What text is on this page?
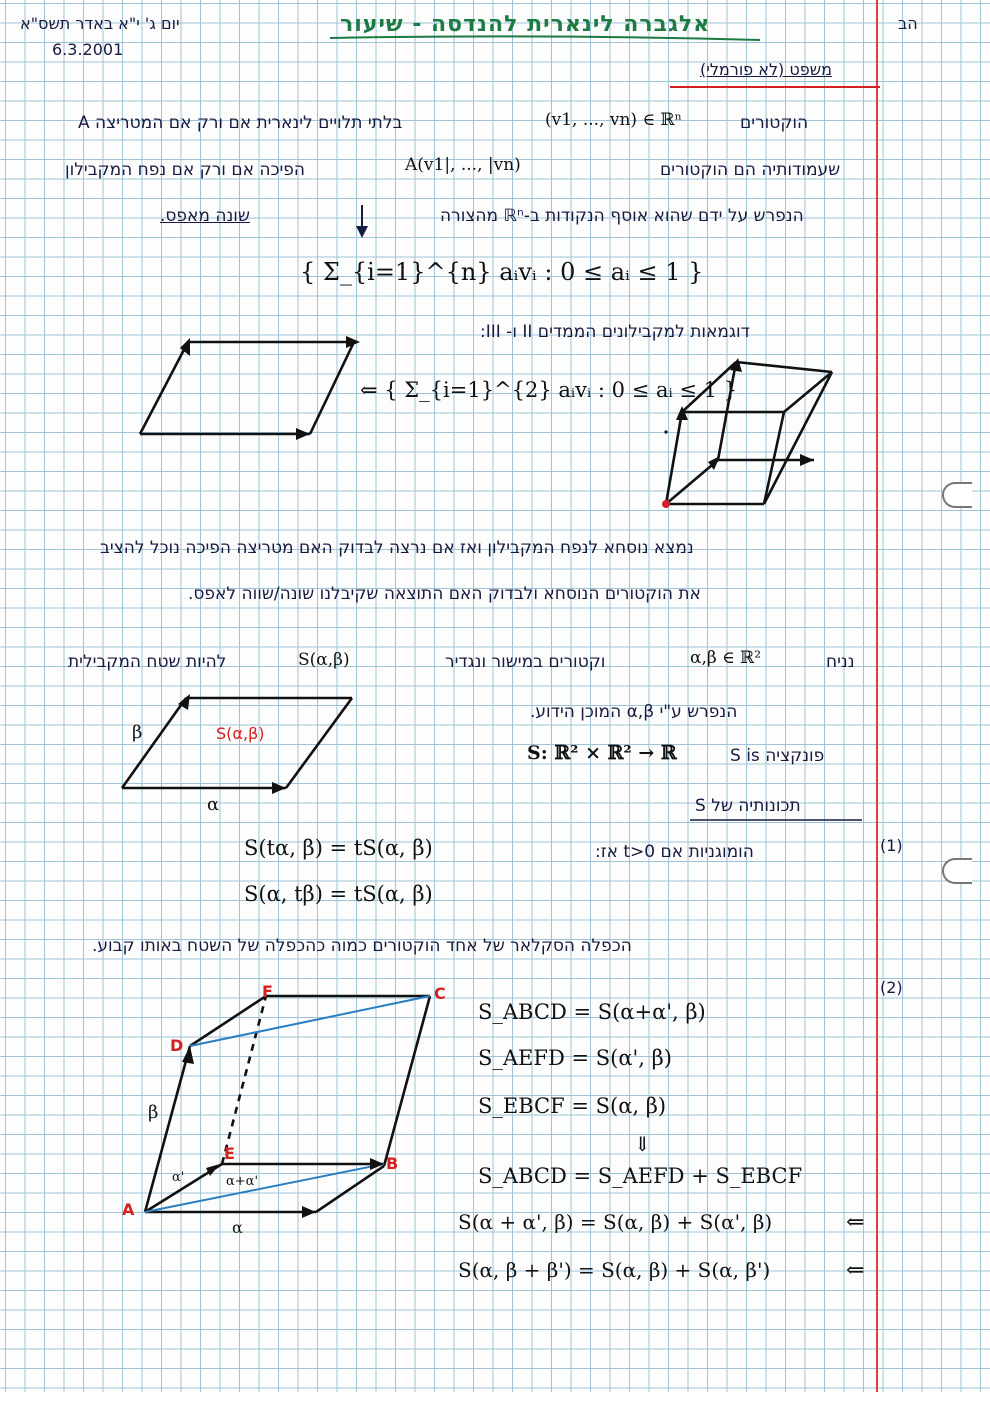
אלגברה לינארית להנדסה - שיעור
יום ג' י"א באדר תשס"א
6.3.2001
הב
משפט (לא פורמלי)
הוקטורים
(v1, ..., vn) ∈ ℝⁿ
בלתי תלויים לינארית אם ורק אם המטריצה A
שעמודותיה הם הוקטורים
A(v1|, ..., |vn)
הפיכה אם ורק אם נפח המקבילון
הנפרש על ידם שהוא אוסף הנקודות ב-ℝⁿ מהצורה
שונה מאפס.
{ Σ_{i=1}^{n} aᵢvᵢ : 0 ≤ aᵢ ≤ 1 }
דוגמאות למקבילונים הממדים II ו- III:
⇐ { Σ_{i=1}^{2} aᵢvᵢ : 0 ≤ aᵢ ≤ 1 }
נמצא נוסחא לנפח המקבילון ואז אם נרצה לבדוק האם מטריצה הפיכה נוכל להציב
את הוקטורים הנוסחא ולבדוק האם התוצאה שקיבלנו שונה/שווה לאפס.
נניח
α,β ∈ ℝ²
וקטורים במישור ונגדיר
S(α,β)
להיות שטח המקבילית
הנפרש ע"י α,β המוכן הידוע.
S is פונקציה
S: ℝ² × ℝ² → ℝ
β	S(α,β)
α	תכונותיה של S
(1)
הומוגניות אם t>0 אז:
S(tα, β) = tS(α, β)
S(α, tβ) = tS(α, β)
הכפלה הסקלאר של אחד הוקטורים כמוה כהכפלה של השטח באותו קבוע.
(2)
A
B
C
D
E
F
β
α'	α+α'
α
S_ABCD = S(α+α', β)
S_AEFD = S(α', β)
S_EBCF = S(α, β)
⇓
S_ABCD = S_AEFD + S_EBCF
S(α + α', β) = S(α, β) + S(α', β)
S(α, β + β') = S(α, β) + S(α, β')
⇐
⇐
